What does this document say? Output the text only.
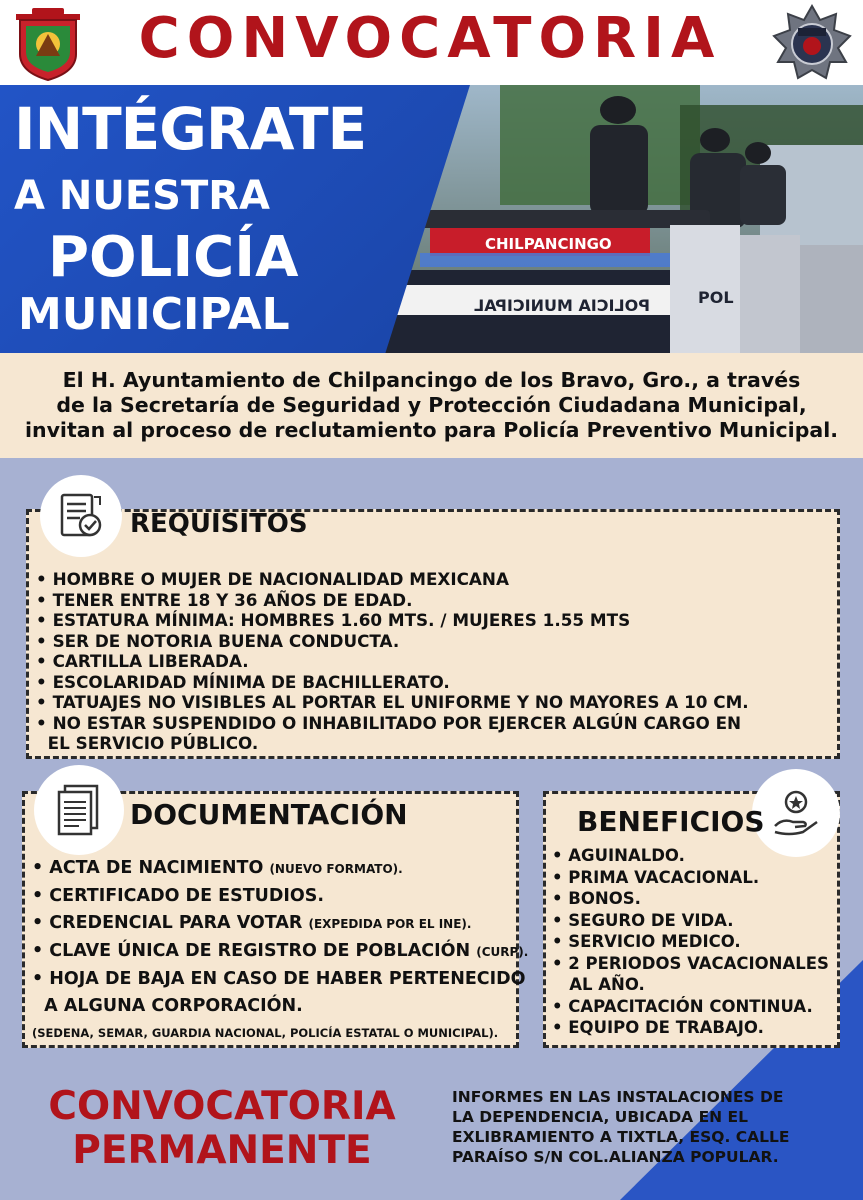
CONVOCATORIA
CHILPANCINGO
POLICIA MUNICIPAL	POL
INTÉGRATE
A NUESTRA
POLICÍA
MUNICIPAL

El H. Ayuntamiento de Chilpancingo de los Bravo, Gro., a través

de la Secretaría de Seguridad y Protección Ciudadana Municipal,

invitan al proceso de reclutamiento para Policía Preventivo Municipal.

REQUISITOS
• HOMBRE O MUJER DE NACIONALIDAD MEXICANA
• TENER ENTRE 18 Y 36 AÑOS DE EDAD.
• ESTATURA MÍNIMA: HOMBRES 1.60 MTS. / MUJERES 1.55 MTS
• SER DE NOTORIA BUENA CONDUCTA.
• CARTILLA LIBERADA.
• ESCOLARIDAD MÍNIMA DE BACHILLERATO.
• TATUAJES NO VISIBLES AL PORTAR EL UNIFORME Y NO MAYORES A 10 CM.
• NO ESTAR SUSPENDIDO O INHABILITADO POR EJERCER ALGÚN CARGO EN
EL SERVICIO PÚBLICO.
DOCUMENTACIÓN
• ACTA DE NACIMIENTO (NUEVO FORMATO).
• CERTIFICADO DE ESTUDIOS.
• CREDENCIAL PARA VOTAR (EXPEDIDA POR EL INE).
• CLAVE ÚNICA DE REGISTRO DE POBLACIÓN (CURP).
• HOJA DE BAJA EN CASO DE HABER PERTENECIDO
A ALGUNA CORPORACIÓN.
(SEDENA, SEMAR, GUARDIA NACIONAL, POLICÍA ESTATAL O MUNICIPAL).
BENEFICIOS
• AGUINALDO.
• PRIMA VACACIONAL.
• BONOS.
• SEGURO DE VIDA.
• SERVICIO MEDICO.
• 2 PERIODOS VACACIONALES
AL AÑO.
• CAPACITACIÓN CONTINUA.
• EQUIPO DE TRABAJO.
CONVOCATORIA
PERMANENTE
INFORMES EN LAS INSTALACIONES DE
LA DEPENDENCIA, UBICADA EN EL
EXLIBRAMIENTO A TIXTLA, ESQ. CALLE
PARAÍSO S/N COL.ALIANZA POPULAR.
